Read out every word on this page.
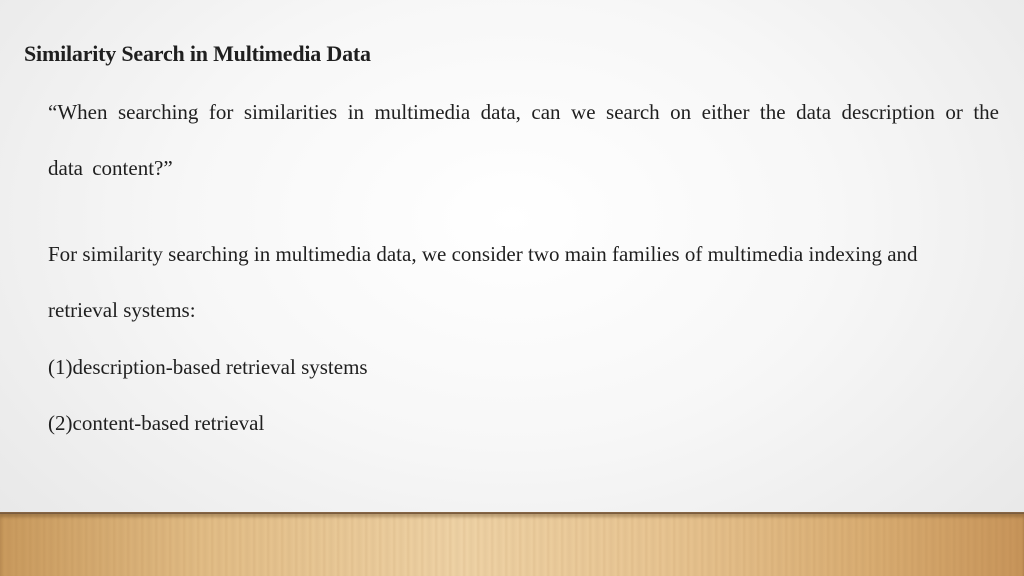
Similarity Search in Multimedia Data

“When searching for similarities in multimedia data, can we search on either the data description or the data content?”

For similarity searching in multimedia data, we consider two main families of multimedia indexing and retrieval systems:

(1)description-based retrieval systems
(2)content-based retrieval
